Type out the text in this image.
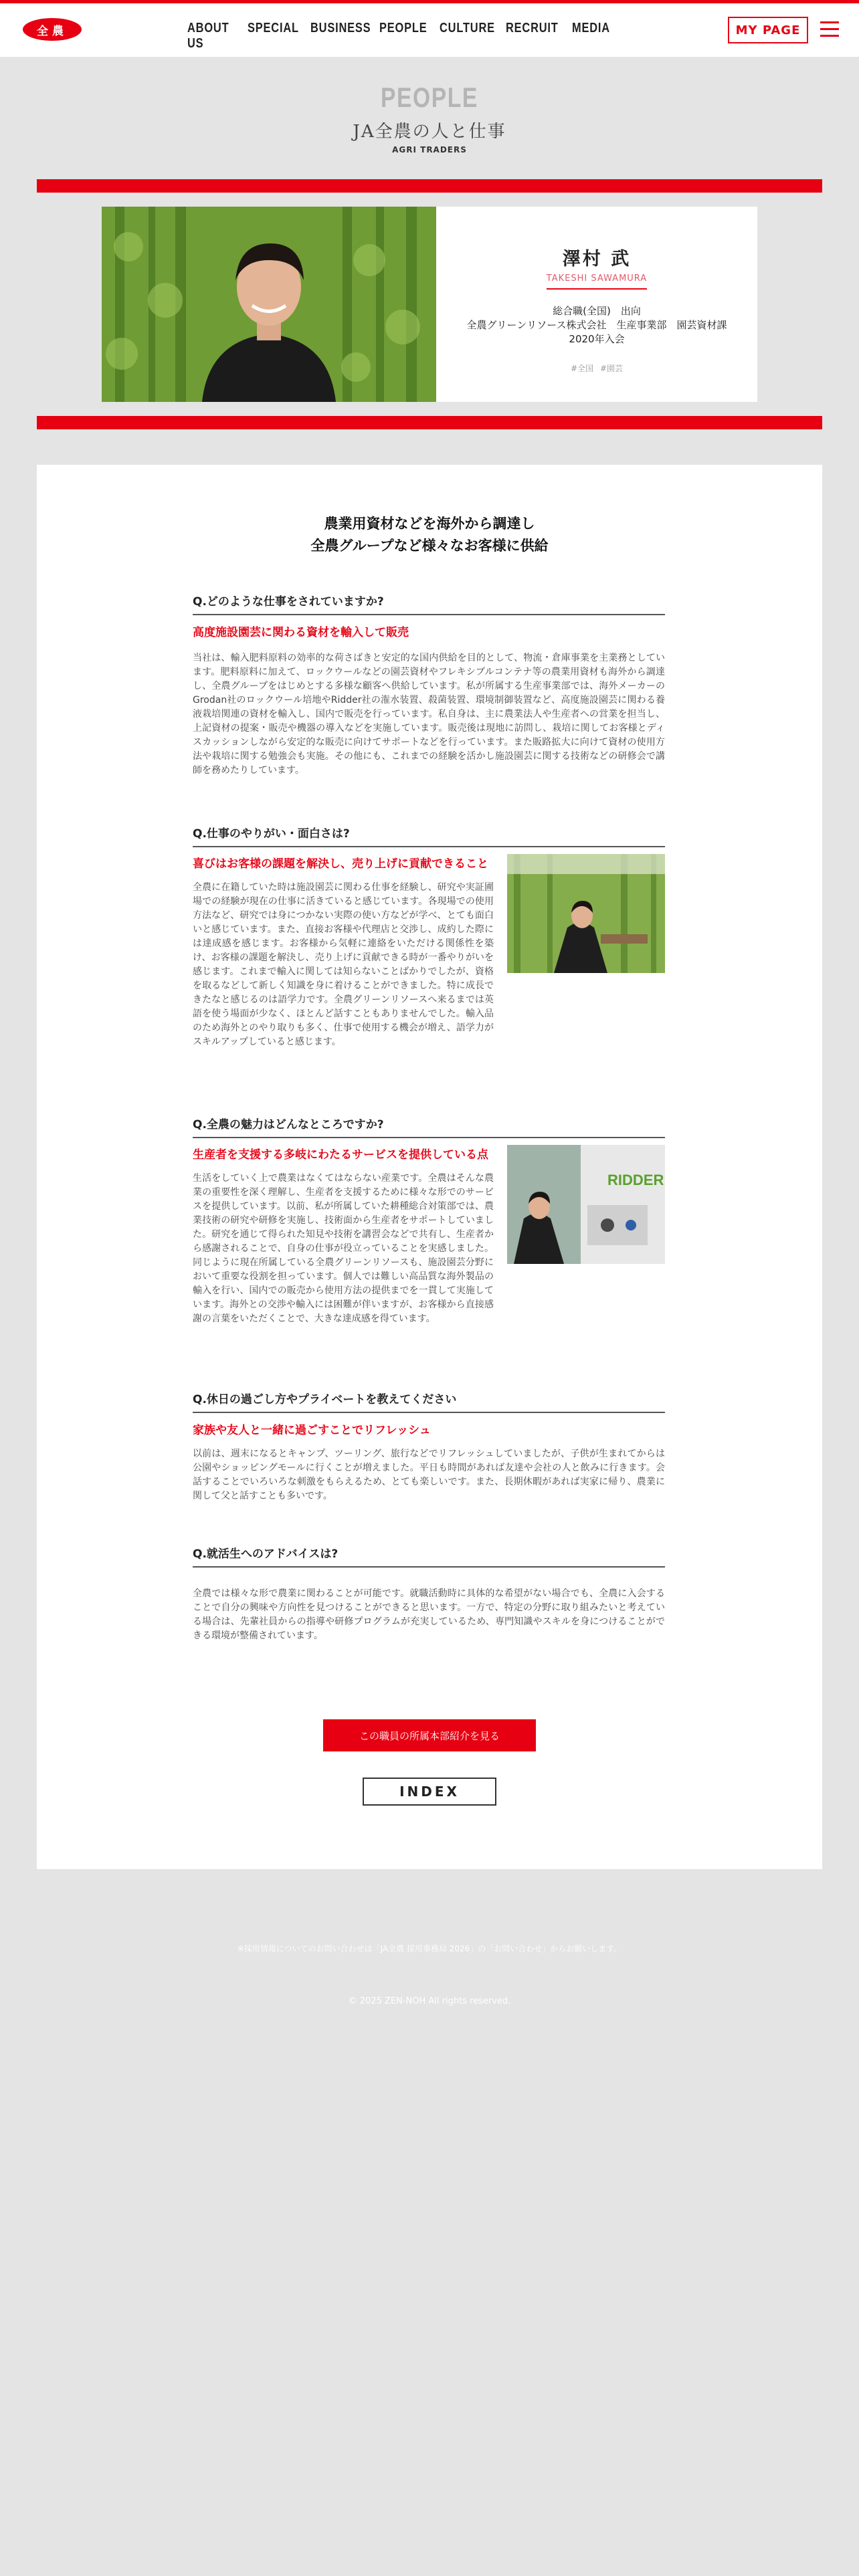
全農	ABOUT US
SPECIAL BUSINESS PEOPLE CULTURE RECRUIT MEDIA	MY PAGE
PEOPLE
JA全農の人と仕事
AGRI TRADERS
澤村 武
TAKESHI SAWAMURA
総合職(全国)　出向
全農グリーンリソース株式会社　生産事業部　園芸資材課
2020年入会
#全国 #園芸
農業用資材などを海外から調達し
全農グループなど様々なお客様に供給
Q.どのような仕事をされていますか?
高度施設園芸に関わる資材を輸入して販売
当社は、輸入肥料原料の効率的な荷さばきと安定的な国内供給を目的として、物流・倉庫事業を主業務としています。肥料原料に加えて、ロックウールなどの園芸資材やフレキシブルコンテナ等の農業用資材も海外から調達し、全農グループをはじめとする多様な顧客へ供給しています。私が所属する生産事業部では、海外メーカーのGrodan社のロックウール培地やRidder社の潅水装置、殺菌装置、環境制御装置など、高度施設園芸に関わる養液栽培関連の資材を輸入し、国内で販売を行っています。私自身は、主に農業法人や生産者への営業を担当し、上記資材の提案・販売や機器の導入などを実施しています。販売後は現地に訪問し、栽培に関してお客様とディスカッションしながら安定的な販売に向けてサポートなどを行っています。また販路拡大に向けて資材の使用方法や栽培に関する勉強会も実施。その他にも、これまでの経験を活かし施設園芸に関する技術などの研修会で講師を務めたりしています。
Q.仕事のやりがい・面白さは?
喜びはお客様の課題を解決し、売り上げに貢献できること
全農に在籍していた時は施設園芸に関わる仕事を経験し、研究や実証圃場での経験が現在の仕事に活きていると感じています。各現場での使用方法など、研究では身につかない実際の使い方などが学べ、とても面白いと感じています。また、直接お客様や代理店と交渉し、成約した際には達成感を感じます。お客様から気軽に連絡をいただける関係性を築け、お客様の課題を解決し、売り上げに貢献できる時が一番やりがいを感じます。これまで輸入に関しては知らないことばかりでしたが、資格を取るなどして新しく知識を身に着けることができました。特に成長できたなと感じるのは語学力です。全農グリーンリソースへ来るまでは英語を使う場面が少なく、ほとんど話すこともありませんでした。輸入品のため海外とのやり取りも多く、仕事で使用する機会が増え、語学力がスキルアップしていると感じます。
Q.全農の魅力はどんなところですか?
生産者を支援する多岐にわたるサービスを提供している点
生活をしていく上で農業はなくてはならない産業です。全農はそんな農業の重要性を深く理解し、生産者を支援するために様々な形でのサービスを提供しています。以前、私が所属していた耕種総合対策部では、農業技術の研究や研修を実施し、技術面から生産者をサポートしていました。研究を通じて得られた知見や技術を講習会などで共有し、生産者から感謝されることで、自身の仕事が役立っていることを実感しました。同じように現在所属している全農グリーンリソースも、施設園芸分野において重要な役割を担っています。個人では難しい高品質な海外製品の輸入を行い、国内での販売から使用方法の提供までを一貫して実施しています。海外との交渉や輸入には困難が伴いますが、お客様から直接感謝の言葉をいただくことで、大きな達成感を得ています。
RIDDER
Q.休日の過ごし方やプライベートを教えてください
家族や友人と一緒に過ごすことでリフレッシュ
以前は、週末になるとキャンプ、ツーリング、旅行などでリフレッシュしていましたが、子供が生まれてからは公園やショッピングモールに行くことが増えました。平日も時間があれば友達や会社の人と飲みに行きます。会話することでいろいろな刺激をもらえるため、とても楽しいです。また、長期休暇があれば実家に帰り、農業に関して父と話すことも多いです。
Q.就活生へのアドバイスは?
全農では様々な形で農業に関わることが可能です。就職活動時に具体的な希望がない場合でも、全農に入会することで自分の興味や方向性を見つけることができると思います。一方で、特定の分野に取り組みたいと考えている場合は、先輩社員からの指導や研修プログラムが充実しているため、専門知識やスキルを身につけることができる環境が整備されています。
この職員の所属本部紹介を見る
INDEX
※採用情報についてのお問い合わせは「JA全農 採用事務局 2026」の「お問い合わせ」からお願いします。
© 2025 ZEN-NOH All rights reserved.
